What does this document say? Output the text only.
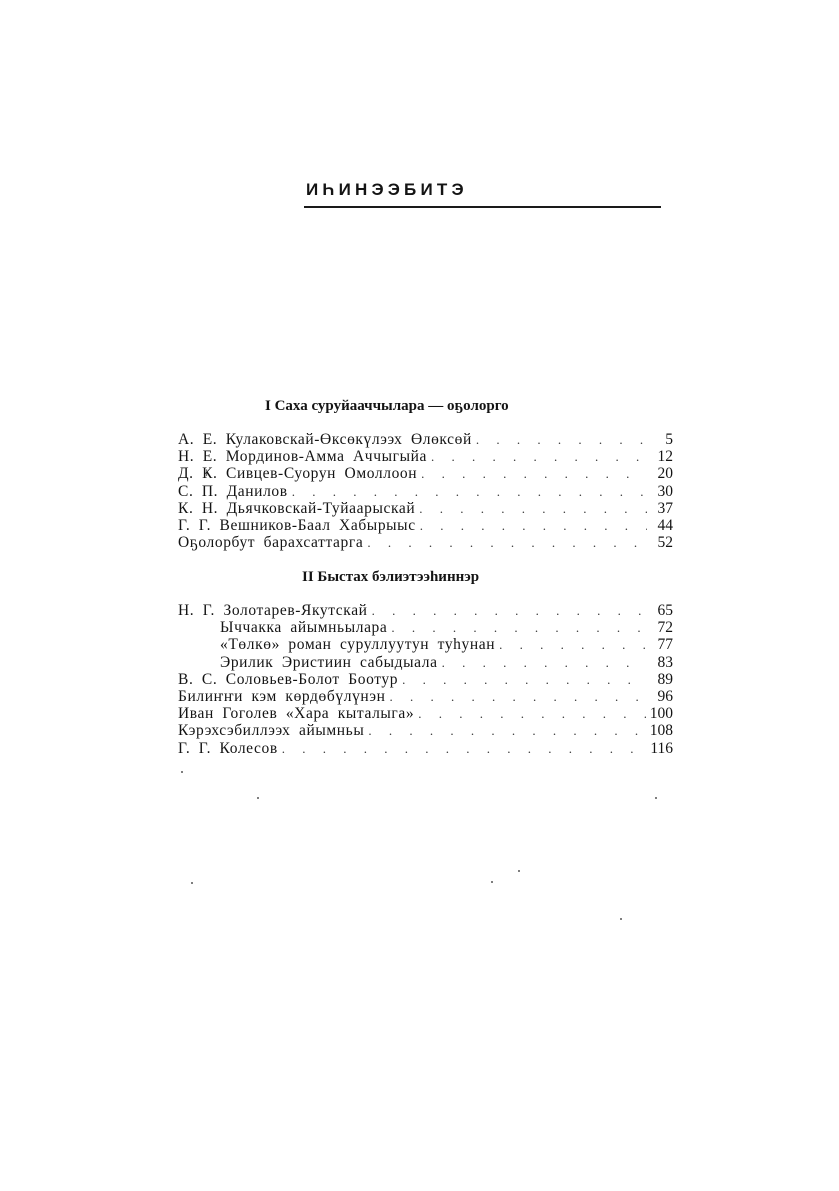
ИҺИНЭЭБИТЭ
I Саха суруйааччылара — оҕолорго
А. Е. Кулаковскай-Өксөкүлээх Өлөксөй . . .	5
Н. Е. Мординов-Амма Аччыгыйа . . .	12
Д. Ҝ. Сивцев-Суорун Омоллоон . . .	20
С. П. Данилов . . .	30
К. Н. Дьячковскай-Туйаарыскай . . .	37
Г. Г. Вешников-Баал Хабырыыс . . .	44
Оҕолорбут барахсаттарга . . .	52
II Быстах бэлиэтээһиннэр
Н. Г. Золотарев-Якутскай . . .	65
Ыччакка айымньылара . . .	72
«Төлкө» роман суруллуутун туһунан . . .	77
Эрилик Эристиин сабыдыала . . .	83
В. С. Соловьев-Болот Боотур . . .	89
Билиҥҥи кэм көрдөбүлүнэн . . .	96
Иван Гоголев «Хара кыталыга» . . .	100
Кэрэхсэбиллээх айымньы . . .	108
Г. Г. Колесов . . .	116
